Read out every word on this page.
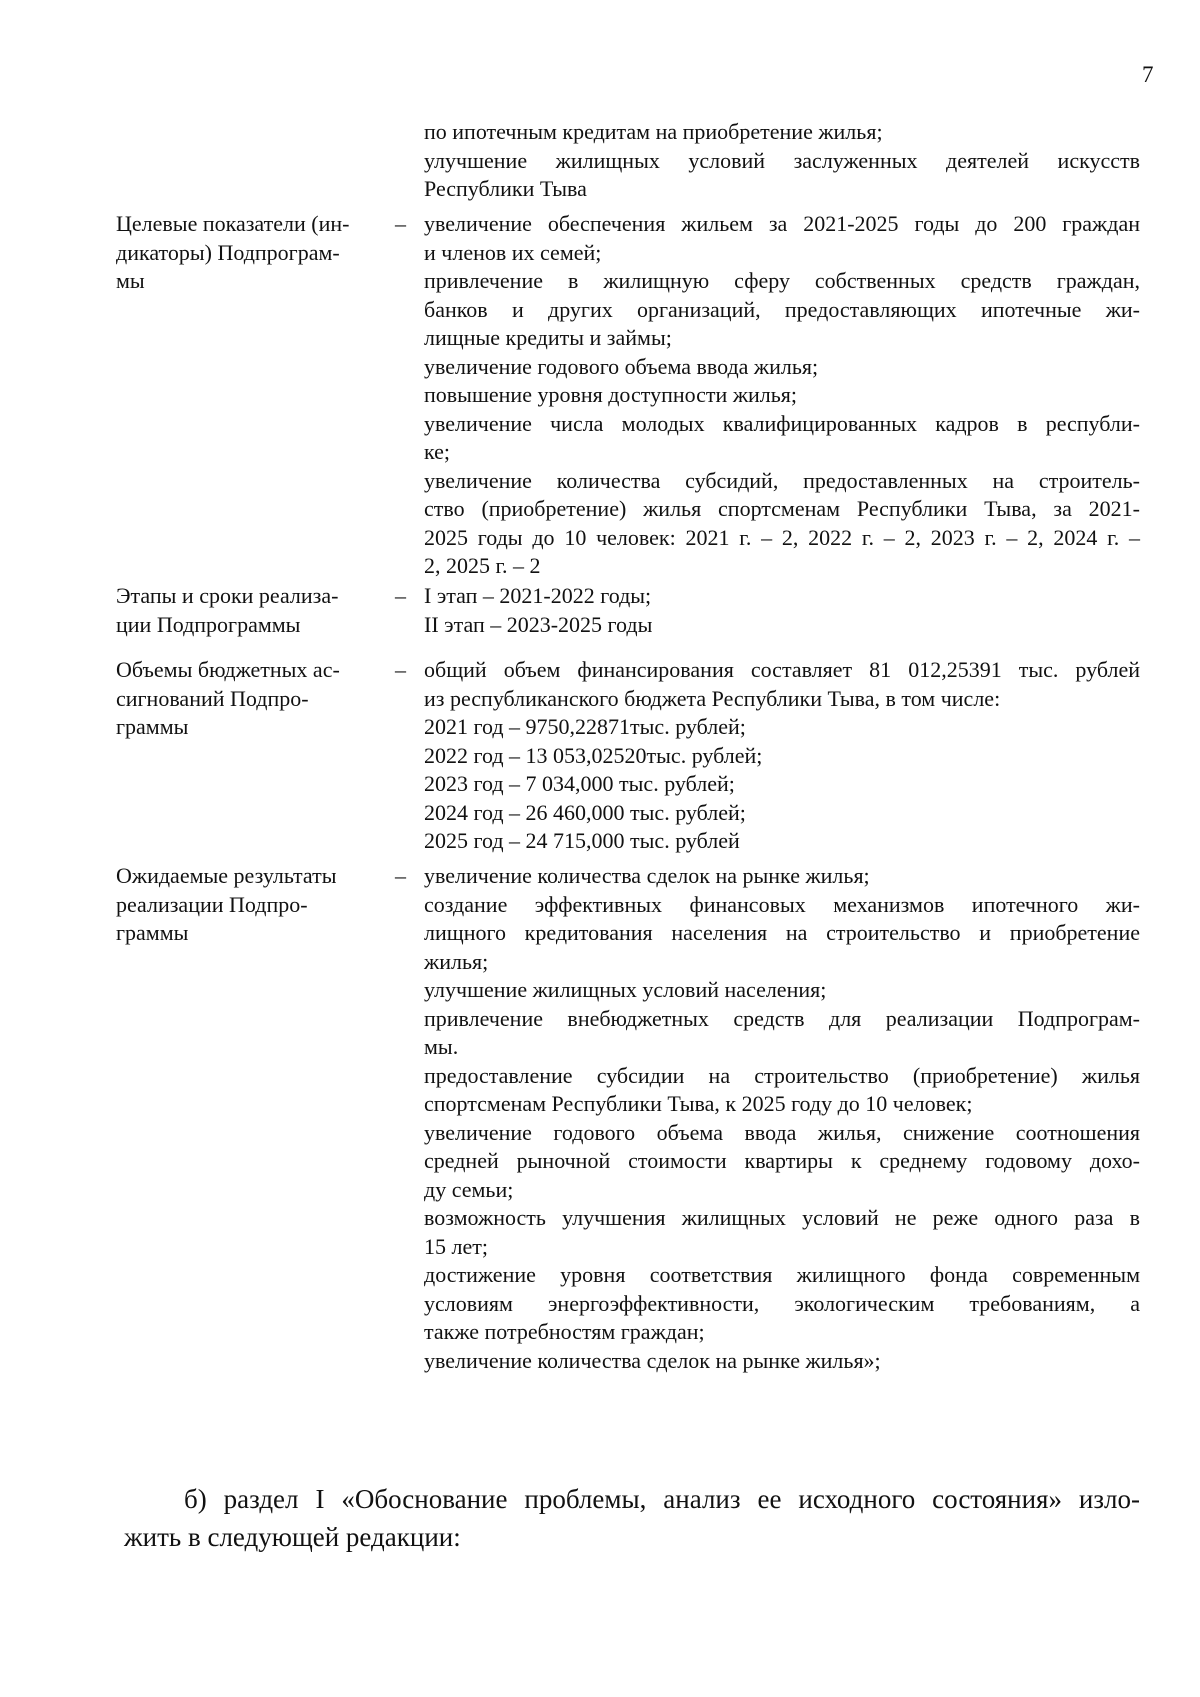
7
по ипотечным кредитам на приобретение жилья;
улучшение жилищных условий заслуженных деятелей искусств
Республики Тыва
Целевые показатели (ин-
дикаторы) Подпрограм-
мы
– увеличение обеспечения жильем за 2021-2025 годы до 200 граждан
и членов их семей;
привлечение в жилищную сферу собственных средств граждан,
банков и других организаций, предоставляющих ипотечные жи-
лищные кредиты и займы;
увеличение годового объема ввода жилья;
повышение уровня доступности жилья;
увеличение числа молодых квалифицированных кадров в республи-
ке;
увеличение количества субсидий, предоставленных на строитель-
ство (приобретение) жилья спортсменам Республики Тыва, за 2021-
2025 годы до 10 человек: 2021 г. – 2, 2022 г. – 2, 2023 г. – 2, 2024 г. –
2, 2025 г. – 2
Этапы и сроки реализа-
ции Подпрограммы
– I этап – 2021-2022 годы;
II этап – 2023-2025 годы
Объемы бюджетных ас-
сигнований Подпро-
граммы
– общий объем финансирования составляет 81 012,25391 тыс. рублей
из республиканского бюджета Республики Тыва, в том числе:
2021 год – 9750,22871тыс. рублей;
2022 год – 13 053,02520тыс. рублей;
2023 год – 7 034,000 тыс. рублей;
2024 год – 26 460,000 тыс. рублей;
2025 год – 24 715,000 тыс. рублей
Ожидаемые результаты
реализации Подпро-
граммы
– увеличение количества сделок на рынке жилья;
создание эффективных финансовых механизмов ипотечного жи-
лищного кредитования населения на строительство и приобретение
жилья;
улучшение жилищных условий населения;
привлечение внебюджетных средств для реализации Подпрограм-
мы.
предоставление субсидии на строительство (приобретение) жилья
спортсменам Республики Тыва, к 2025 году до 10 человек;
увеличение годового объема ввода жилья, снижение соотношения
средней рыночной стоимости квартиры к среднему годовому дохо-
ду семьи;
возможность улучшения жилищных условий не реже одного раза в
15 лет;
достижение уровня соответствия жилищного фонда современным
условиям энергоэффективности, экологическим требованиям, а
также потребностям граждан;
увеличение количества сделок на рынке жилья»;
б) раздел I «Обоснование проблемы, анализ ее исходного состояния» изло-
жить в следующей редакции:
